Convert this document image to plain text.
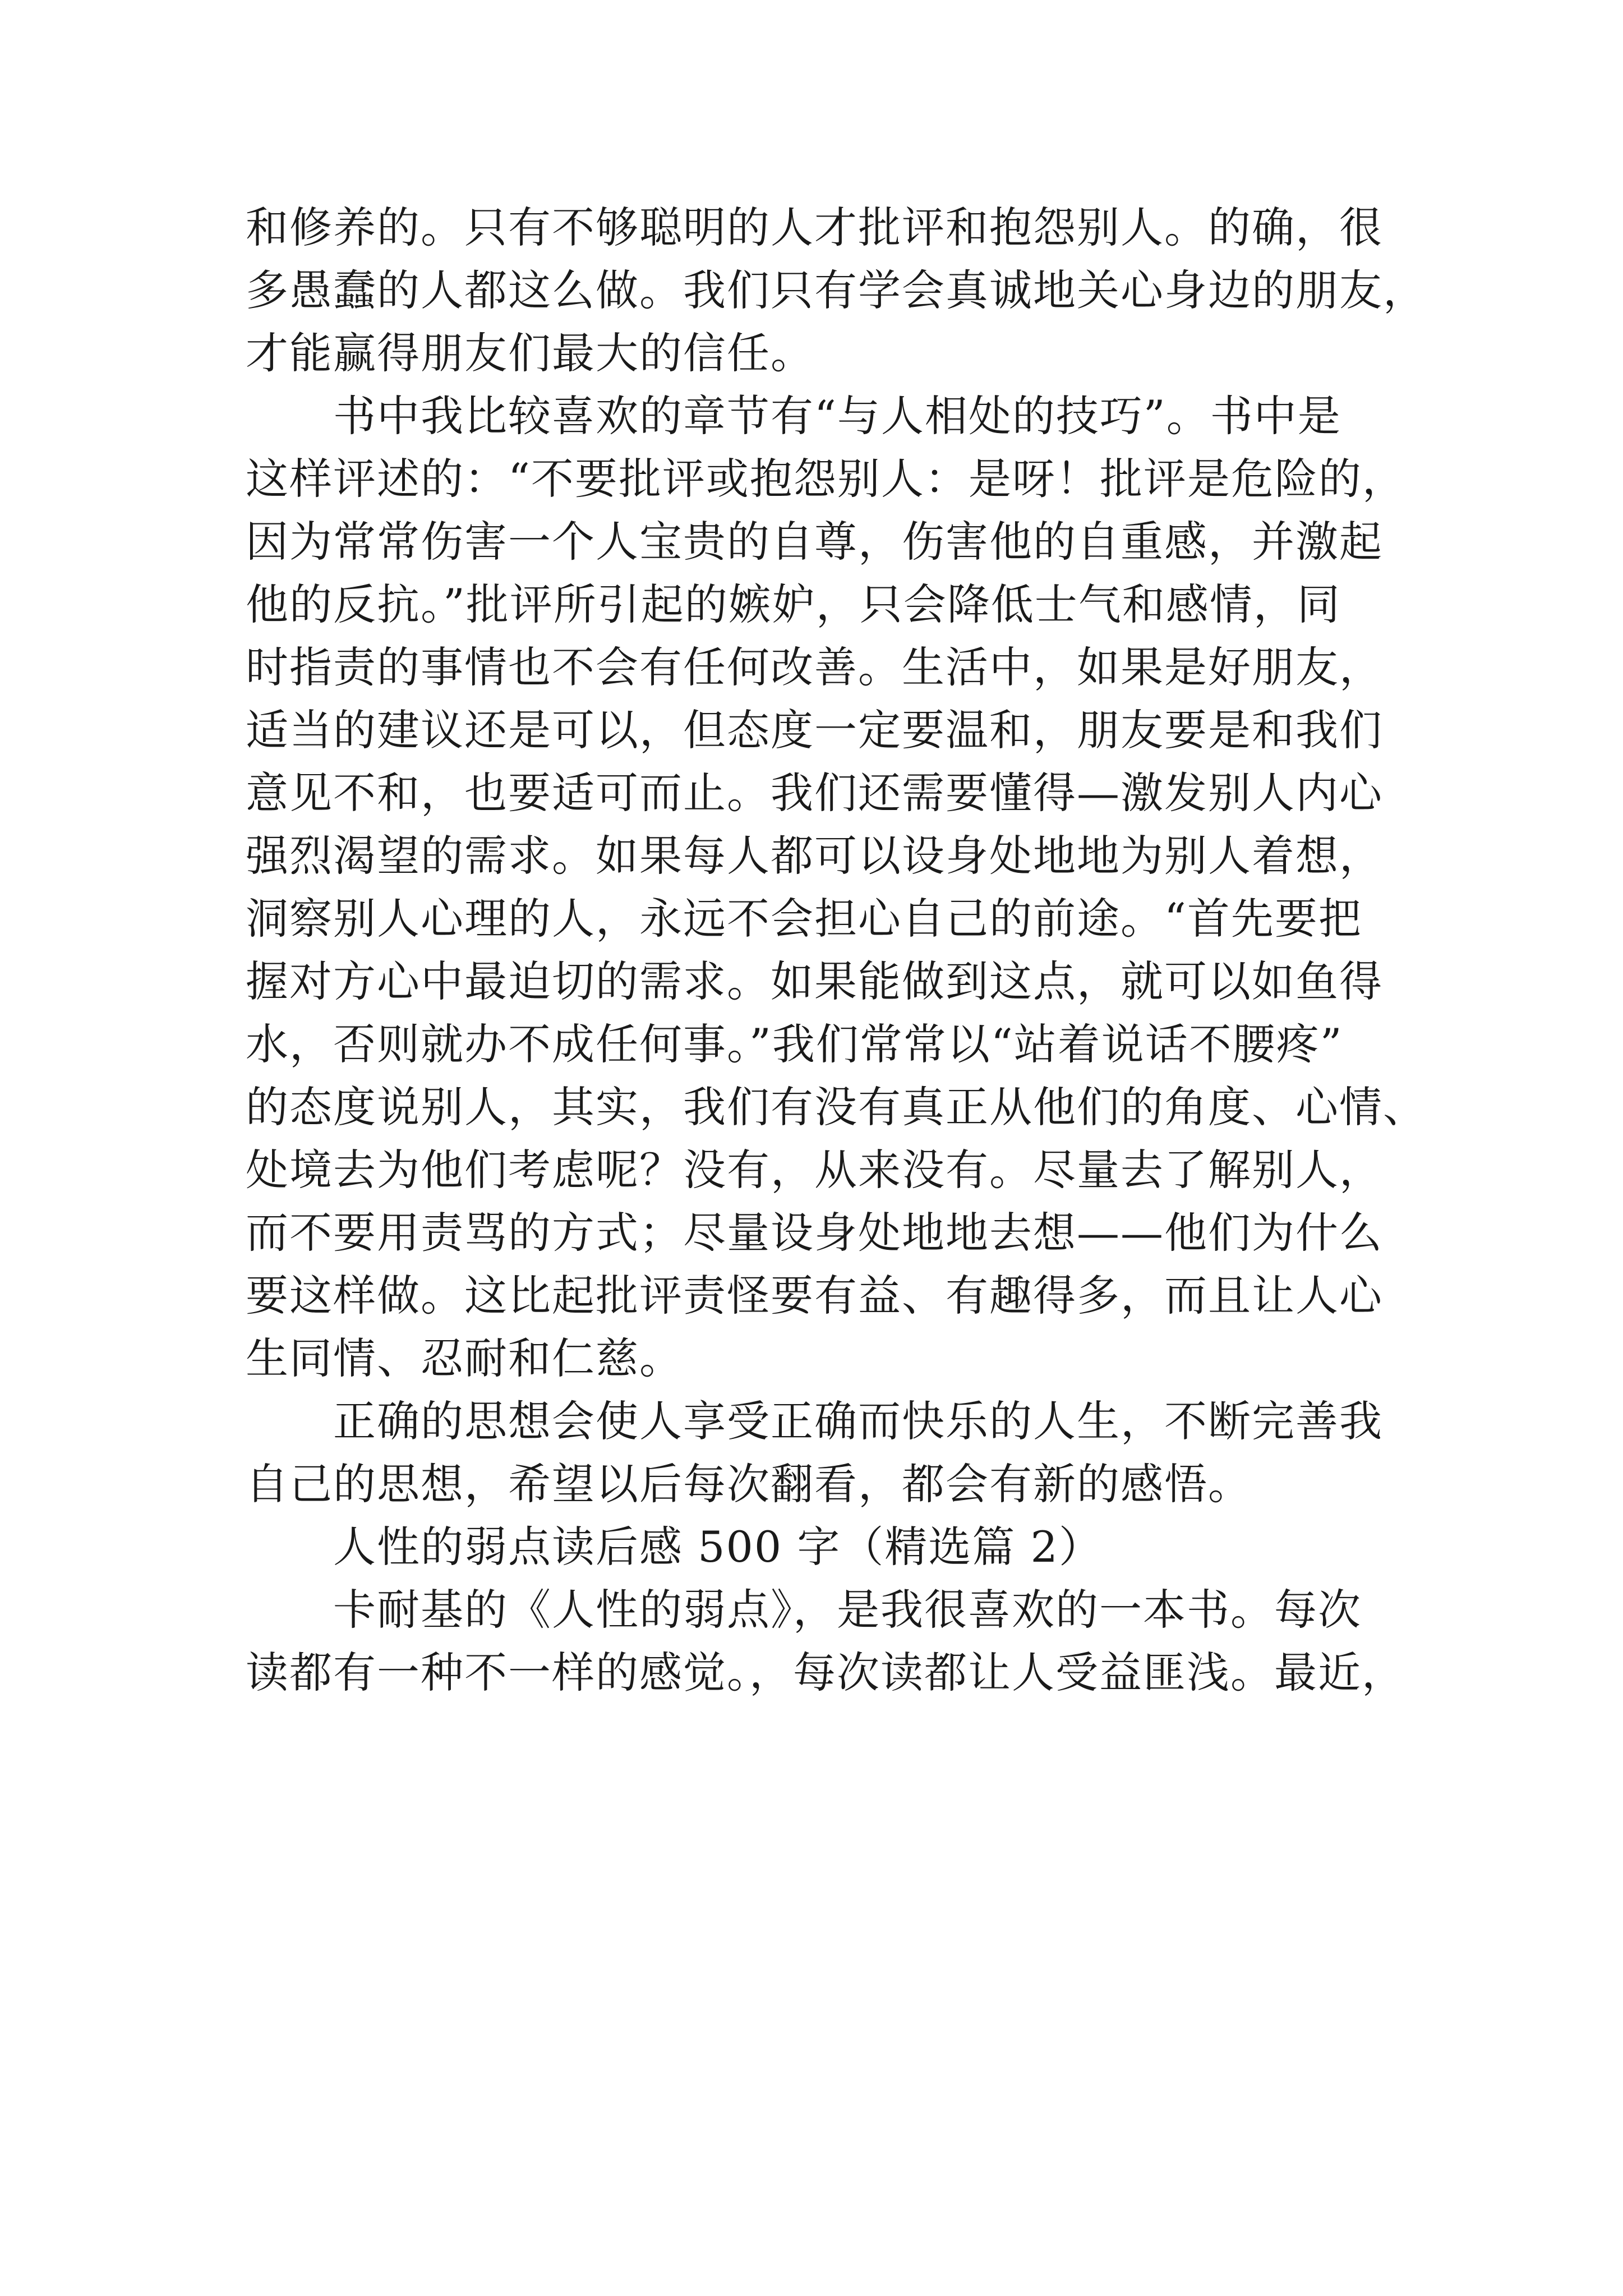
和修养的。只有不够聪明的人才批评和抱怨别人。的确，很
多愚蠢的人都这么做。我们只有学会真诚地关心身边的朋友，
才能赢得朋友们最大的信任。
　　书中我比较喜欢的章节有“与人相处的技巧”。书中是
这样评述的：“不要批评或抱怨别人：是呀！批评是危险的，
因为常常伤害一个人宝贵的自尊，伤害他的自重感，并激起
他的反抗。”批评所引起的嫉妒，只会降低士气和感情，同
时指责的事情也不会有任何改善。生活中，如果是好朋友，
适当的建议还是可以，但态度一定要温和，朋友要是和我们
意见不和，也要适可而止。我们还需要懂得—激发别人内心
强烈渴望的需求。如果每人都可以设身处地地为别人着想，
洞察别人心理的人，永远不会担心自己的前途。“首先要把
握对方心中最迫切的需求。如果能做到这点，就可以如鱼得
水，否则就办不成任何事。”我们常常以“站着说话不腰疼”
的态度说别人，其实，我们有没有真正从他们的角度、心情、
处境去为他们考虑呢？没有，从来没有。尽量去了解别人，
而不要用责骂的方式；尽量设身处地地去想——他们为什么
要这样做。这比起批评责怪要有益、有趣得多，而且让人心
生同情、忍耐和仁慈。
　　正确的思想会使人享受正确而快乐的人生，不断完善我
自己的思想，希望以后每次翻看，都会有新的感悟。
　　人性的弱点读后感 500 字（精选篇 2）
　　卡耐基的《人性的弱点》，是我很喜欢的一本书。每次
读都有一种不一样的感觉。，每次读都让人受益匪浅。最近，
